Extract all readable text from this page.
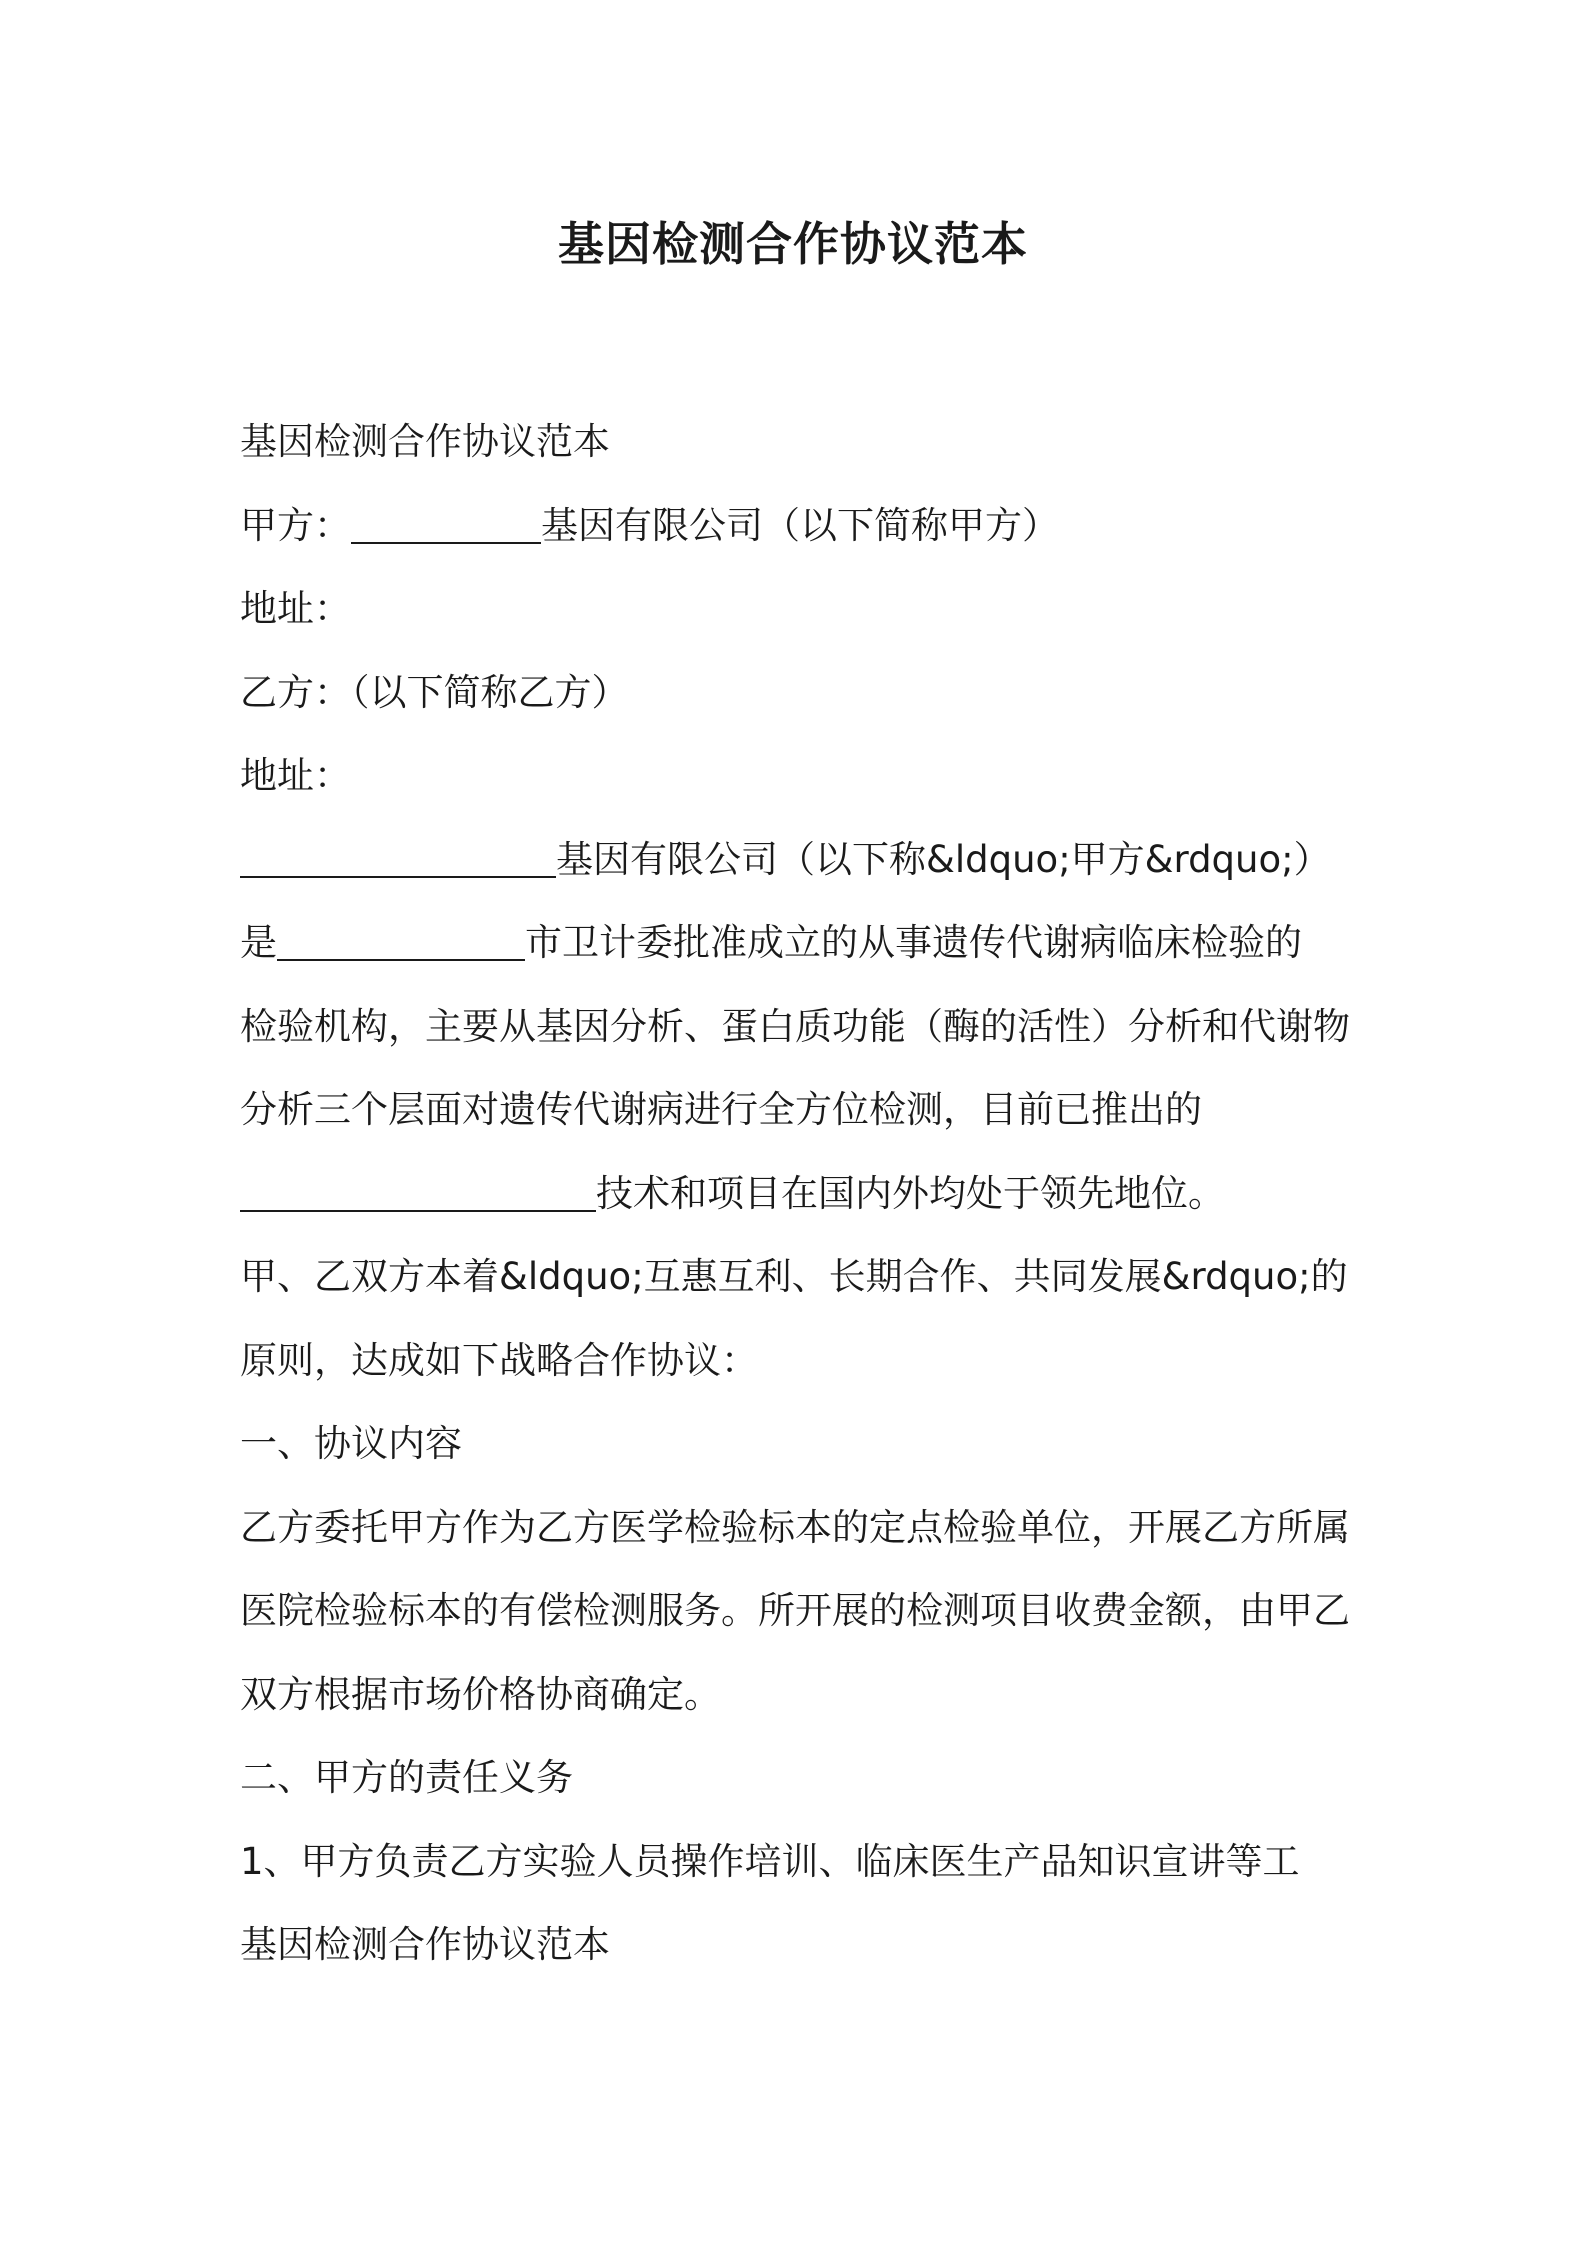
基因检测合作协议范本

基因检测合作协议范本

甲方：	基因有限公司（以下简称甲方）

地址：

乙方：（以下简称乙方）

地址：

基因有限公司（以下称&ldquo;甲方&rdquo;）

是	市卫计委批准成立的从事遗传代谢病临床检验的

检验机构，主要从基因分析、蛋白质功能（酶的活性）分析和代谢物

分析三个层面对遗传代谢病进行全方位检测，目前已推出的

技术和项目在国内外均处于领先地位。

甲、乙双方本着&ldquo;互惠互利、长期合作、共同发展&rdquo;的

原则，达成如下战略合作协议：

一、协议内容

乙方委托甲方作为乙方医学检验标本的定点检验单位，开展乙方所属

医院检验标本的有偿检测服务。所开展的检测项目收费金额，由甲乙

双方根据市场价格协商确定。

二、甲方的责任义务

1、甲方负责乙方实验人员操作培训、临床医生产品知识宣讲等工

基因检测合作协议范本
